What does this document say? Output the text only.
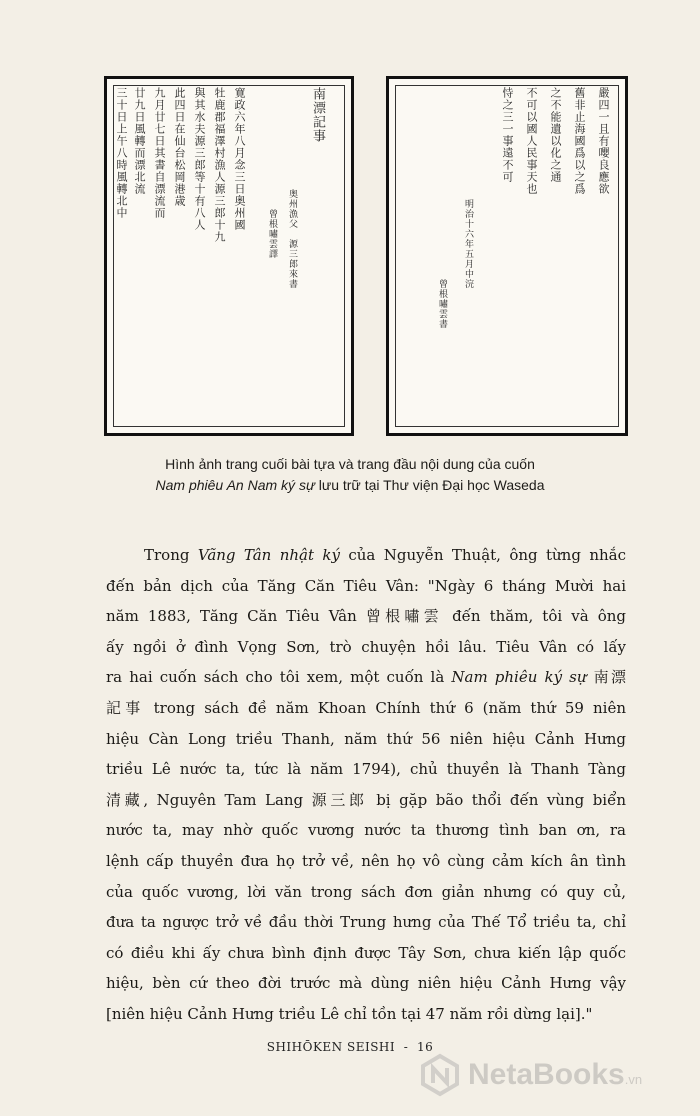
南漂記事
奥州漁父　源三郎來書
曾根嘯雲譯
寛政六年八月念三日奥州國
牡鹿郡福澤村漁人源三郎十九
與其水夫源三郎等十有八人
此四日在仙台松岡港歳
九月廿七日其書自漂流而
廿九日風轉而漂北流
三十日上午八時風轉北中	嚴四一且有嚶良應欲
舊非止海國爲以之爲
之不能遺以化之通
不可以國人民事天也
恃之三一事遠不可
明治十六年五月中浣
曾根嘯雲書
Hình ảnh trang cuối bài tựa và trang đầu nội dung của cuốn
Nam phiêu An Nam ký sự lưu trữ tại Thư viện Đại học Waseda
Trong Vãng Tân nhật ký của Nguyễn Thuật, ông từng nhắc
đến bản dịch của Tăng Căn Tiêu Vân: "Ngày 6 tháng Mười hai
năm 1883, Tăng Căn Tiêu Vân 曾根嘯雲 đến thăm, tôi và ông
ấy ngồi ở đình Vọng Sơn, trò chuyện hồi lâu. Tiêu Vân có lấy
ra hai cuốn sách cho tôi xem, một cuốn là Nam phiêu ký sự 南漂
記事 trong sách đề năm Khoan Chính thứ 6 (năm thứ 59 niên
hiệu Càn Long triều Thanh, năm thứ 56 niên hiệu Cảnh Hưng
triều Lê nước ta, tức là năm 1794), chủ thuyền là Thanh Tàng
清藏, Nguyên Tam Lang 源三郎 bị gặp bão thổi đến vùng biển
nước ta, may nhờ quốc vương nước ta thương tình ban ơn, ra
lệnh cấp thuyền đưa họ trở về, nên họ vô cùng cảm kích ân tình
của quốc vương, lời văn trong sách đơn giản nhưng có quy củ,
đưa ta ngược trở về đầu thời Trung hưng của Thế Tổ triều ta, chỉ
có điều khi ấy chưa bình định được Tây Sơn, chưa kiến lập quốc
hiệu, bèn cứ theo đời trước mà dùng niên hiệu Cảnh Hưng vậy
[niên hiệu Cảnh Hưng triều Lê chỉ tồn tại 47 năm rồi dừng lại]."
SHIHŌKEN SEISHI - 16
NetaBooks.vn
